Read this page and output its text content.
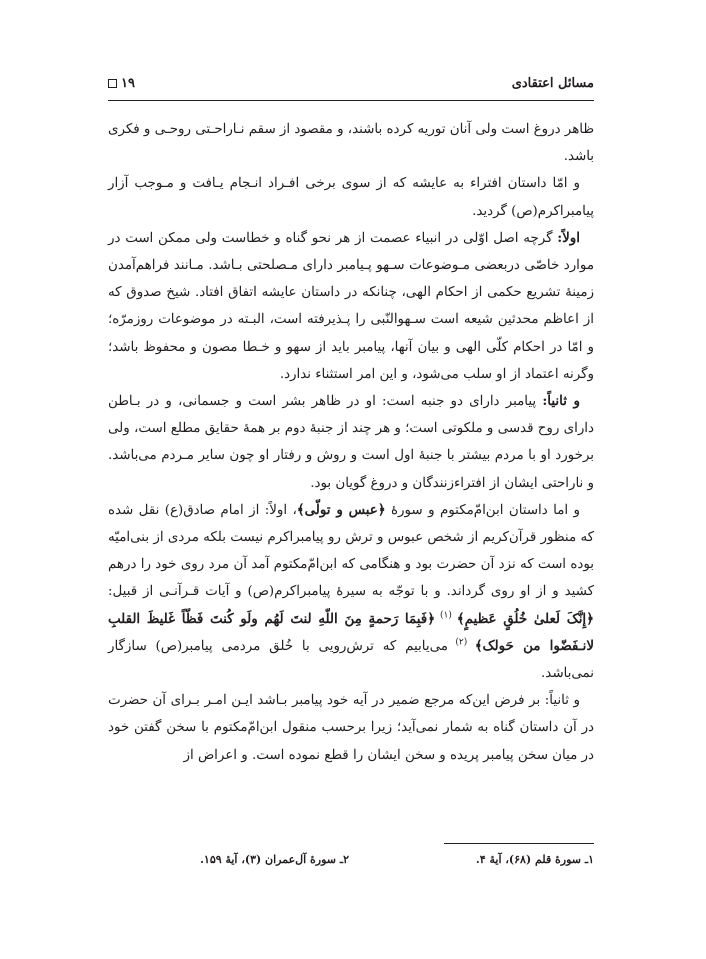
مسائل اعتقادی
۱۹

ظاهر دروغ است ولی آنان توریه کرده باشند، و مقصود از سقم نـاراحـتی روحـی و فکری باشد.

و امّا داستان افتراء به عایشه که از سوی برخی افـراد انـجام یـافت و مـوجب آزار پیامبراکرم(ص) گردید.

اولاً: گرچه اصل اوّلی در انبیاء عصمت از هر نحو گناه و خطاست ولی ممکن است در موارد خاصّی دربعضی مـوضوعات سـهو پـیامبر دارای مـصلحتی بـاشد. مـانند فراهم‌آمدن زمینهٔ تشریع حکمی از احکام الهی، چنانکه در داستان عایشه اتفاق افتاد. شیخ صدوق که از اعاظم محدثین شیعه است سـهوالنّبی را پـذیرفته است، البـته در موضوعات روزمرّه؛ و امّا در احکام کلّی الهی و بیان آنها، پیامبر باید از سهو و خـطا مصون و محفوظ باشد؛ وگرنه اعتماد از او سلب می‌شود، و این امر استثناء ندارد.

و ثانیاً: پیامبر دارای دو جنبه است: او در ظاهر بشر است و جسمانی، و در بـاطن دارای روح قدسی و ملکوتی است؛ و هر چند از جنبهٔ دوم بر همهٔ حقایق مطلع است، ولی برخورد او با مردم بیشتر با جنبهٔ اول است و روش و رفتار او چون سایر مـردم می‌باشد. و ناراحتی ایشان از افتراء‌زنندگان و دروغ گویان بود.

و اما داستان ابن‌امّ‌مکتوم و سورهٔ ﴿عبس و تولّی﴾، اولاً: از امام صادق(ع) نقل شده که منظور قرآن‌کریم از شخص عبوس و ترش رو پیامبراکرم نیست بلکه مردی از بنی‌امیّه بوده است که نزد آن حضرت بود و هنگامی که ابن‌امّ‌مکتوم آمد آن مرد روی خود را درهم کشید و از او روی گرداند. و با توجّه به سیرهٔ پیامبراکرم(ص) و آیات قـرآنـی از قبیل: ﴿إِنَّکَ لَعلیٰ خُلُقٍ عَظیمٍ﴾ $^{(۱)}$ ﴿فَبِمَا رَحمةٍ مِنَ اللّهِ لنتَ لَهُم ولَو کُنتَ فَظّاً غَلیظَ القلبِ لانـفَضّوا من حَولک﴾ $^{(۲)}$ می‌یابیم که ترش‌رویی با خُلق مردمی پیامبر(ص) سازگار نمی‌باشد.

و ثانیاً: بر فرض این‌که مرجع ضمیر در آیه خود پیامبر بـاشد ایـن امـر بـرای آن حضرت در آن داستان گناه به شمار نمی‌آید؛ زیرا برحسب منقول ابن‌امّ‌مکتوم با سخن گفتن خود در میان سخن پیامبر پریده و سخن ایشان را قطع نموده است. و اعراض از

۱ـ سورهٔ قلم (۶۸)، آیهٔ ۴.
۲ـ سورهٔ آل‌عمران (۳)، آیهٔ ۱۵۹.
